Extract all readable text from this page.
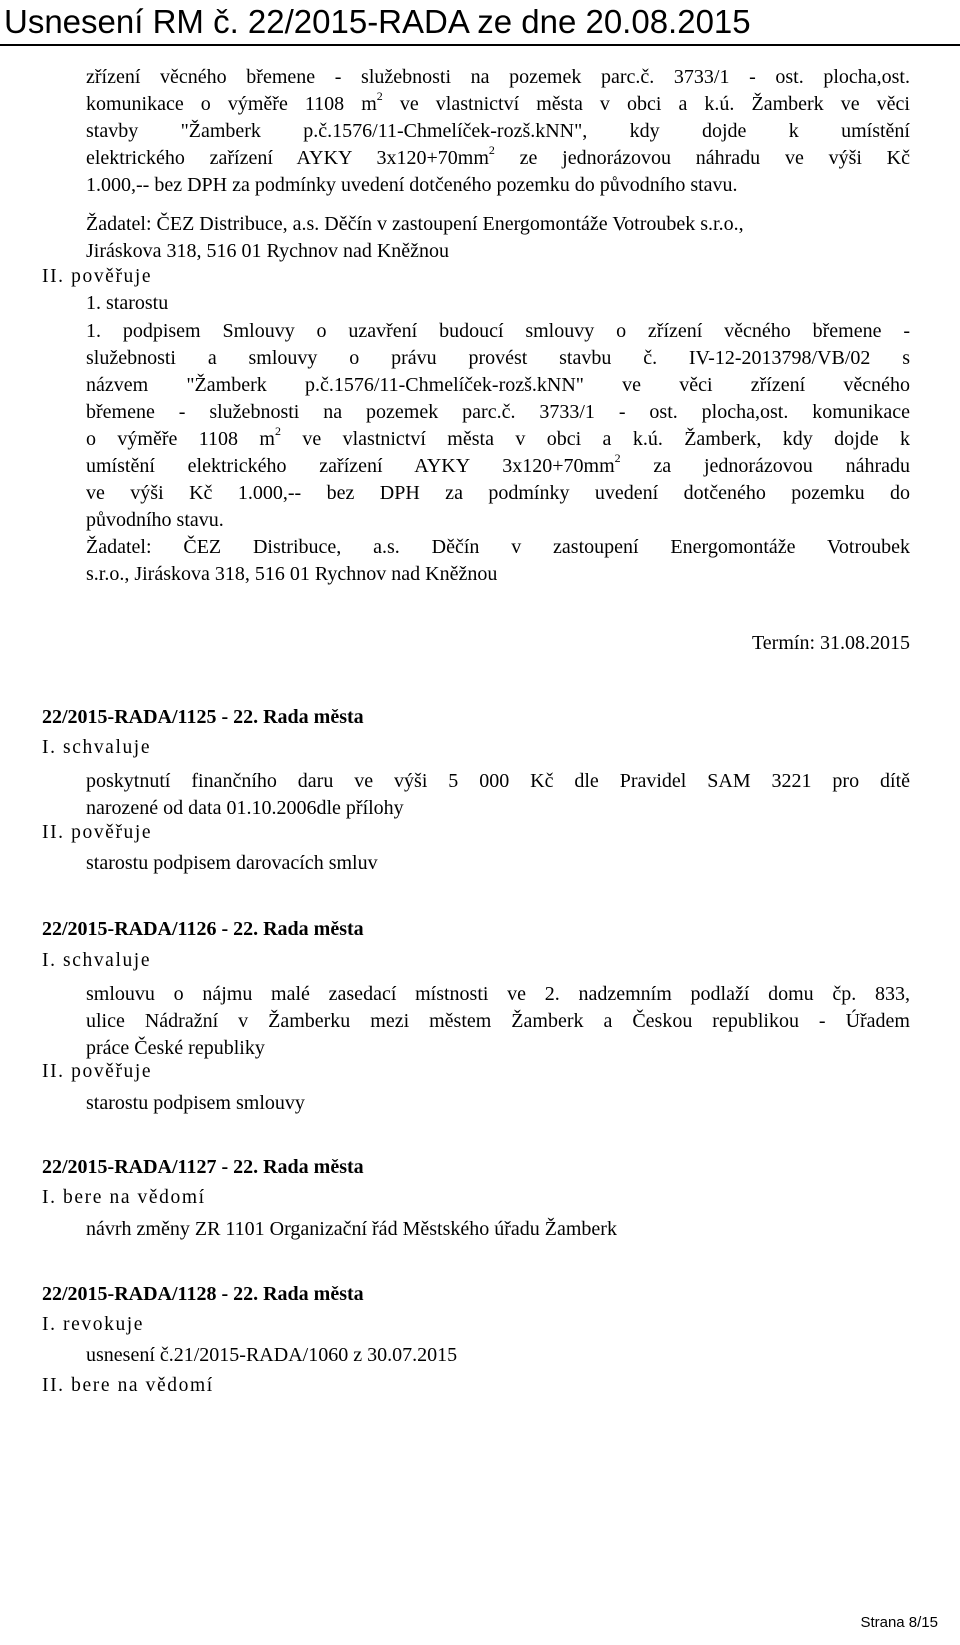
Usnesení RM č. 22/2015-RADA ze dne 20.08.2015
zřízení věcného břemene - služebnosti na pozemek parc.č. 3733/1 - ost. plocha,ost.
komunikace o výměře 1108 $m^2$ ve vlastnictví města v obci a k.ú. Žamberk ve věci
stavby "Žamberk p.č.1576/11-Chmelíček-rozš.kNN", kdy dojde k umístění
elektrického zařízení AYKY $3x120+70mm^2$ ze jednorázovou náhradu ve výši Kč
1.000,-- bez DPH za podmínky uvedení dotčeného pozemku do původního stavu.
Žadatel: ČEZ Distribuce, a.s. Děčín v zastoupení Energomontáže Votroubek s.r.o.,
Jiráskova 318, 516 01 Rychnov nad Kněžnou
II. pověřuje
1. starostu
1. podpisem Smlouvy o uzavření budoucí smlouvy o zřízení věcného břemene -
služebnosti a smlouvy o právu provést stavbu č. IV-12-2013798/VB/02 s
názvem "Žamberk p.č.1576/11-Chmelíček-rozš.kNN" ve věci zřízení věcného
břemene - služebnosti na pozemek parc.č. 3733/1 - ost. plocha,ost. komunikace
o výměře 1108 $m^2$ ve vlastnictví města v obci a k.ú. Žamberk, kdy dojde k
umístění elektrického zařízení AYKY $3x120+70mm^2$ za jednorázovou náhradu
ve výši Kč 1.000,-- bez DPH za podmínky uvedení dotčeného pozemku do
původního stavu.
Žadatel: ČEZ Distribuce, a.s. Děčín v zastoupení Energomontáže Votroubek
s.r.o., Jiráskova 318, 516 01 Rychnov nad Kněžnou
Termín: 31.08.2015
22/2015-RADA/1125 - 22. Rada města
I. schvaluje
poskytnutí finančního daru ve výši 5 000 Kč dle Pravidel SAM 3221 pro dítě
narozené od data 01.10.2006dle přílohy
II. pověřuje
starostu podpisem darovacích smluv
22/2015-RADA/1126 - 22. Rada města
I. schvaluje
smlouvu o nájmu malé zasedací místnosti ve 2. nadzemním podlaží domu čp. 833,
ulice Nádražní v Žamberku mezi městem Žamberk a Českou republikou - Úřadem
práce České republiky
II. pověřuje
starostu podpisem smlouvy
22/2015-RADA/1127 - 22. Rada města
I. bere na vědomí
návrh změny ZR 1101 Organizační řád Městského úřadu Žamberk
22/2015-RADA/1128 - 22. Rada města
I. revokuje
usnesení č.21/2015-RADA/1060 z 30.07.2015
II. bere na vědomí
Strana 8/15
